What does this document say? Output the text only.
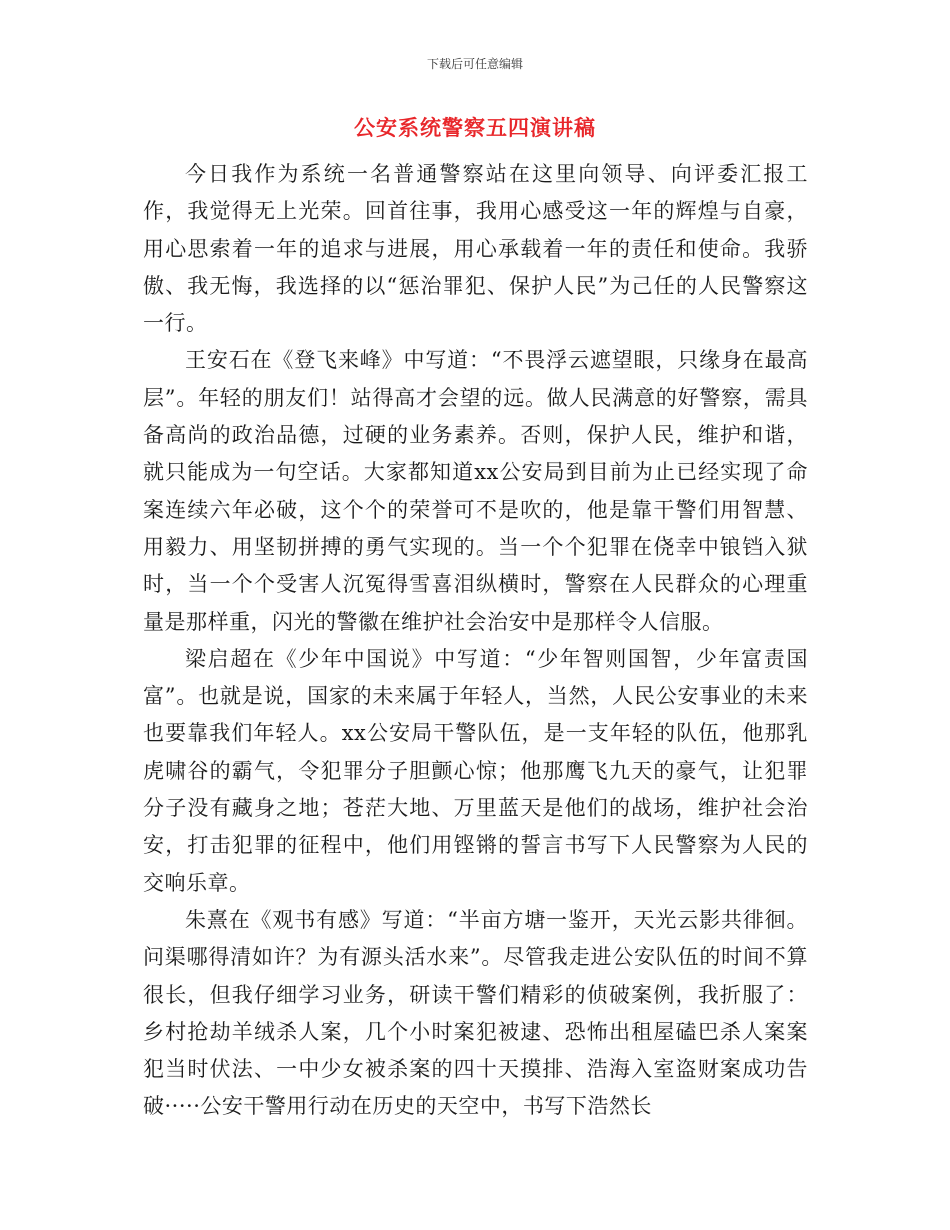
下载后可任意编辑
公安系统警察五四演讲稿

今日我作为系统一名普通警察站在这里向领导、向评委汇报工作，我觉得无上光荣。回首往事，我用心感受这一年的辉煌与自豪，用心思索着一年的追求与进展，用心承载着一年的责任和使命。我骄傲、我无悔，我选择的以“惩治罪犯、保护人民”为己任的人民警察这一行。

王安石在《登飞来峰》中写道：“不畏浮云遮望眼，只缘身在最高层”。年轻的朋友们！站得高才会望的远。做人民满意的好警察，需具备高尚的政治品德，过硬的业务素养。否则，保护人民，维护和谐，就只能成为一句空话。大家都知道xx公安局到目前为止已经实现了命案连续六年必破，这个个的荣誉可不是吹的，他是靠干警们用智慧、用毅力、用坚韧拼搏的勇气实现的。当一个个犯罪在侥幸中锒铛入狱时，当一个个受害人沉冤得雪喜泪纵横时，警察在人民群众的心理重量是那样重，闪光的警徽在维护社会治安中是那样令人信服。

梁启超在《少年中国说》中写道：“少年智则国智，少年富责国富”。也就是说，国家的未来属于年轻人，当然，人民公安事业的未来也要靠我们年轻人。xx公安局干警队伍，是一支年轻的队伍，他那乳虎啸谷的霸气，令犯罪分子胆颤心惊；他那鹰飞九天的豪气，让犯罪分子没有藏身之地；苍茫大地、万里蓝天是他们的战场，维护社会治安，打击犯罪的征程中，他们用铿锵的誓言书写下人民警察为人民的交响乐章。

朱熹在《观书有感》写道：“半亩方塘一鉴开，天光云影共徘徊。问渠哪得清如许？为有源头活水来”。尽管我走进公安队伍的时间不算很长，但我仔细学习业务，研读干警们精彩的侦破案例，我折服了：乡村抢劫羊绒杀人案，几个小时案犯被逮、恐怖出租屋磕巴杀人案案犯当时伏法、一中少女被杀案的四十天摸排、浩海入室盗财案成功告破·····公安干警用行动在历史的天空中，书写下浩然长
